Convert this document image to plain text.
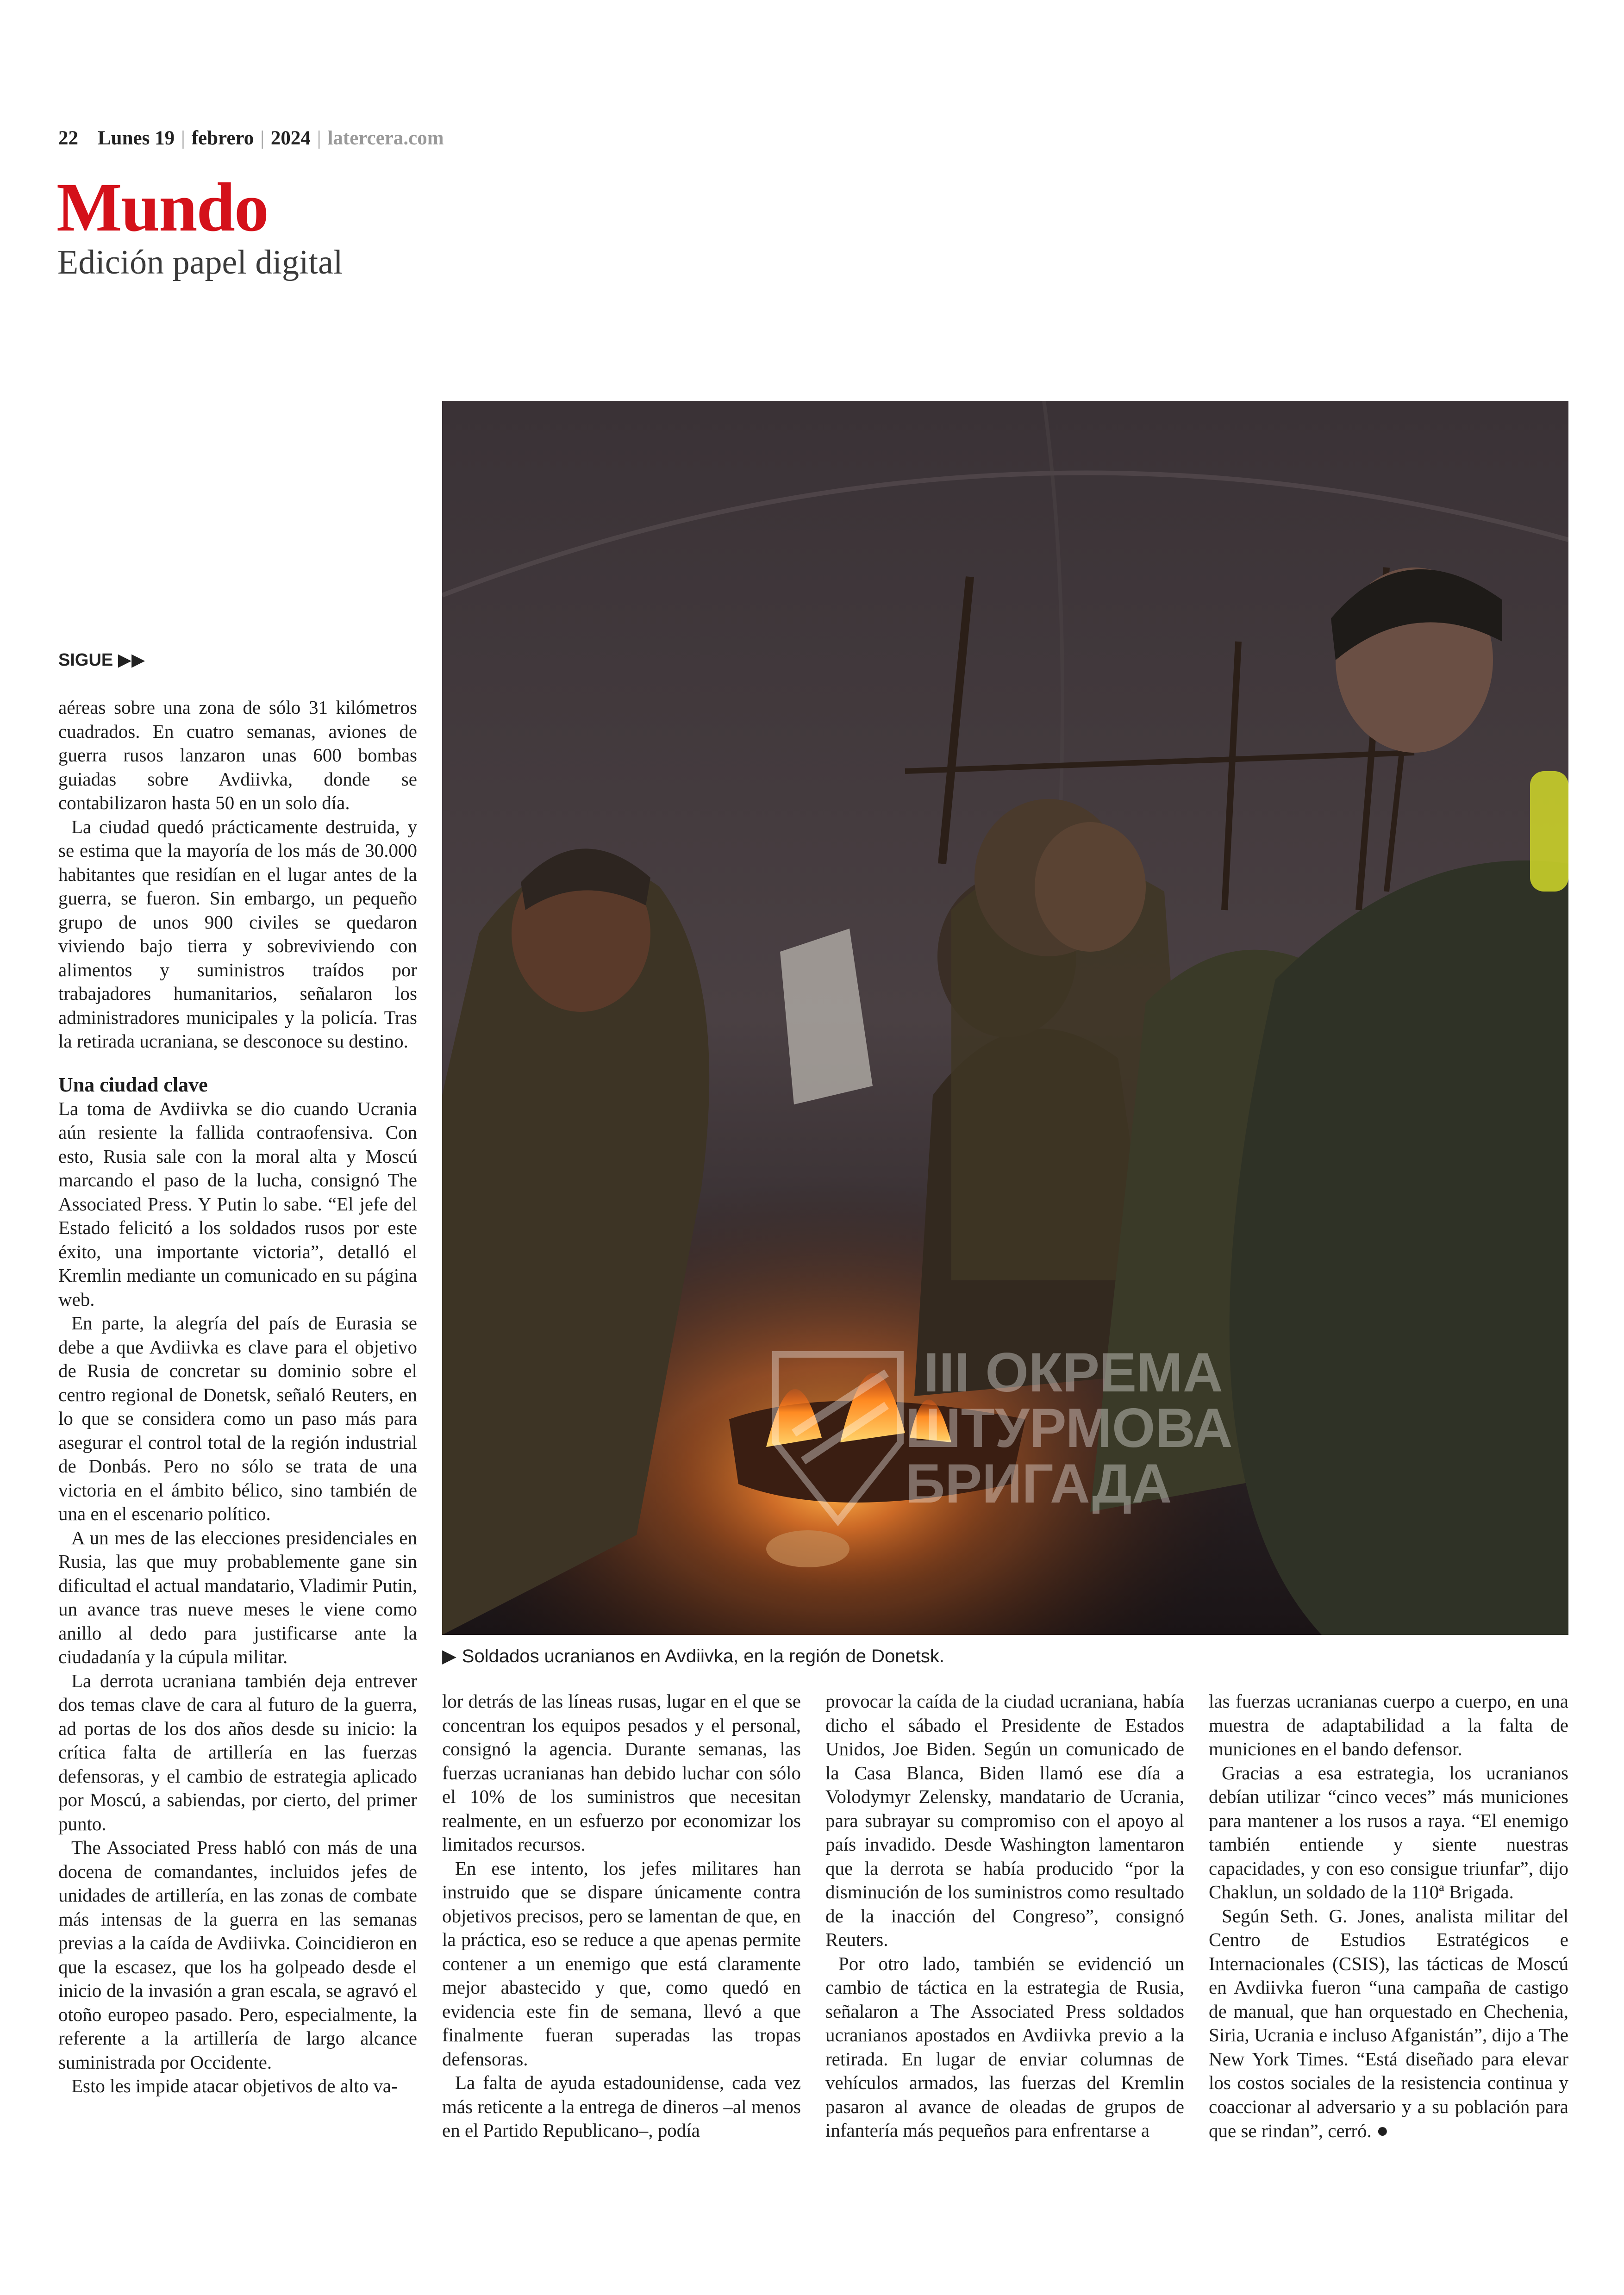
22 Lunes 19 | febrero | 2024 | latercera.com
Mundo
Edición papel digital
III ОКРЕМА
ШТУРМОВА
БРИГАДА
▶ Soldados ucranianos en Avdiivka, en la región de Donetsk.
SIGUE ▶▶

aéreas sobre una zona de sólo 31 kilómetros cuadrados. En cuatro semanas, aviones de guerra rusos lanzaron unas 600 bombas guiadas sobre Avdiivka, donde se contabilizaron hasta 50 en un solo día.

La ciudad quedó prácticamente destruida, y se estima que la mayoría de los más de 30.000 habitantes que residían en el lugar antes de la guerra, se fueron. Sin embargo, un pequeño grupo de unos 900 civiles se quedaron viviendo bajo tierra y sobreviviendo con alimentos y suministros traídos por trabajadores humanitarios, señalaron los administradores municipales y la policía. Tras la retirada ucraniana, se desconoce su destino.

Una ciudad clave

La toma de Avdiivka se dio cuando Ucrania aún resiente la fallida contraofensiva. Con esto, Rusia sale con la moral alta y Moscú marcando el paso de la lucha, consignó The Associated Press. Y Putin lo sabe. “El jefe del Estado felicitó a los soldados rusos por este éxito, una importante victoria”, detalló el Kremlin mediante un comunicado en su página web.

En parte, la alegría del país de Eurasia se debe a que Avdiivka es clave para el objetivo de Rusia de concretar su dominio sobre el centro regional de Donetsk, señaló Reuters, en lo que se considera como un paso más para asegurar el control total de la región industrial de Donbás. Pero no sólo se trata de una victoria en el ámbito bélico, sino también de una en el escenario político.

A un mes de las elecciones presidenciales en Rusia, las que muy probablemente gane sin dificultad el actual mandatario, Vladimir Putin, un avance tras nueve meses le viene como anillo al dedo para justificarse ante la ciudadanía y la cúpula militar.

La derrota ucraniana también deja entrever dos temas clave de cara al futuro de la guerra, ad portas de los dos años desde su inicio: la crítica falta de artillería en las fuerzas defensoras, y el cambio de estrategia aplicado por Moscú, a sabiendas, por cierto, del primer punto.

The Associated Press habló con más de una docena de comandantes, incluidos jefes de unidades de artillería, en las zonas de combate más intensas de la guerra en las semanas previas a la caída de Avdiivka. Coincidieron en que la escasez, que los ha golpeado desde el inicio de la invasión a gran escala, se agravó el otoño europeo pasado. Pero, especialmente, la referente a la artillería de largo alcance suministrada por Occidente.

Esto les impide atacar objetivos de alto va-

lor detrás de las líneas rusas, lugar en el que se concentran los equipos pesados y el personal, consignó la agencia. Durante semanas, las fuerzas ucranianas han debido luchar con sólo el 10% de los suministros que necesitan realmente, en un esfuerzo por economizar los limitados recursos.

En ese intento, los jefes militares han instruido que se dispare únicamente contra objetivos precisos, pero se lamentan de que, en la práctica, eso se reduce a que apenas permite contener a un enemigo que está claramente mejor abastecido y que, como quedó en evidencia este fin de semana, llevó a que finalmente fueran superadas las tropas defensoras.

La falta de ayuda estadounidense, cada vez más reticente a la entrega de dineros –al menos en el Partido Republicano–, podía

provocar la caída de la ciudad ucraniana, había dicho el sábado el Presidente de Estados Unidos, Joe Biden. Según un comunicado de la Casa Blanca, Biden llamó ese día a Volodymyr Zelensky, mandatario de Ucrania, para subrayar su compromiso con el apoyo al país invadido. Desde Washington lamentaron que la derrota se había producido “por la disminución de los suministros como resultado de la inacción del Congreso”, consignó Reuters.

Por otro lado, también se evidenció un cambio de táctica en la estrategia de Rusia, señalaron a The Associated Press soldados ucranianos apostados en Avdiivka previo a la retirada. En lugar de enviar columnas de vehículos armados, las fuerzas del Kremlin pasaron al avance de oleadas de grupos de infantería más pequeños para enfrentarse a

las fuerzas ucranianas cuerpo a cuerpo, en una muestra de adaptabilidad a la falta de municiones en el bando defensor.

Gracias a esa estrategia, los ucranianos debían utilizar “cinco veces” más municiones para mantener a los rusos a raya. “El enemigo también entiende y siente nuestras capacidades, y con eso consigue triunfar”, dijo Chaklun, un soldado de la 110ª Brigada.

Según Seth. G. Jones, analista militar del Centro de Estudios Estratégicos e Internacionales (CSIS), las tácticas de Moscú en Avdiivka fueron “una campaña de castigo de manual, que han orquestado en Chechenia, Siria, Ucrania e incluso Afganistán”, dijo a The New York Times. “Está diseñado para elevar los costos sociales de la resistencia continua y coaccionar al adversario y a su población para que se rindan”, cerró. ●
